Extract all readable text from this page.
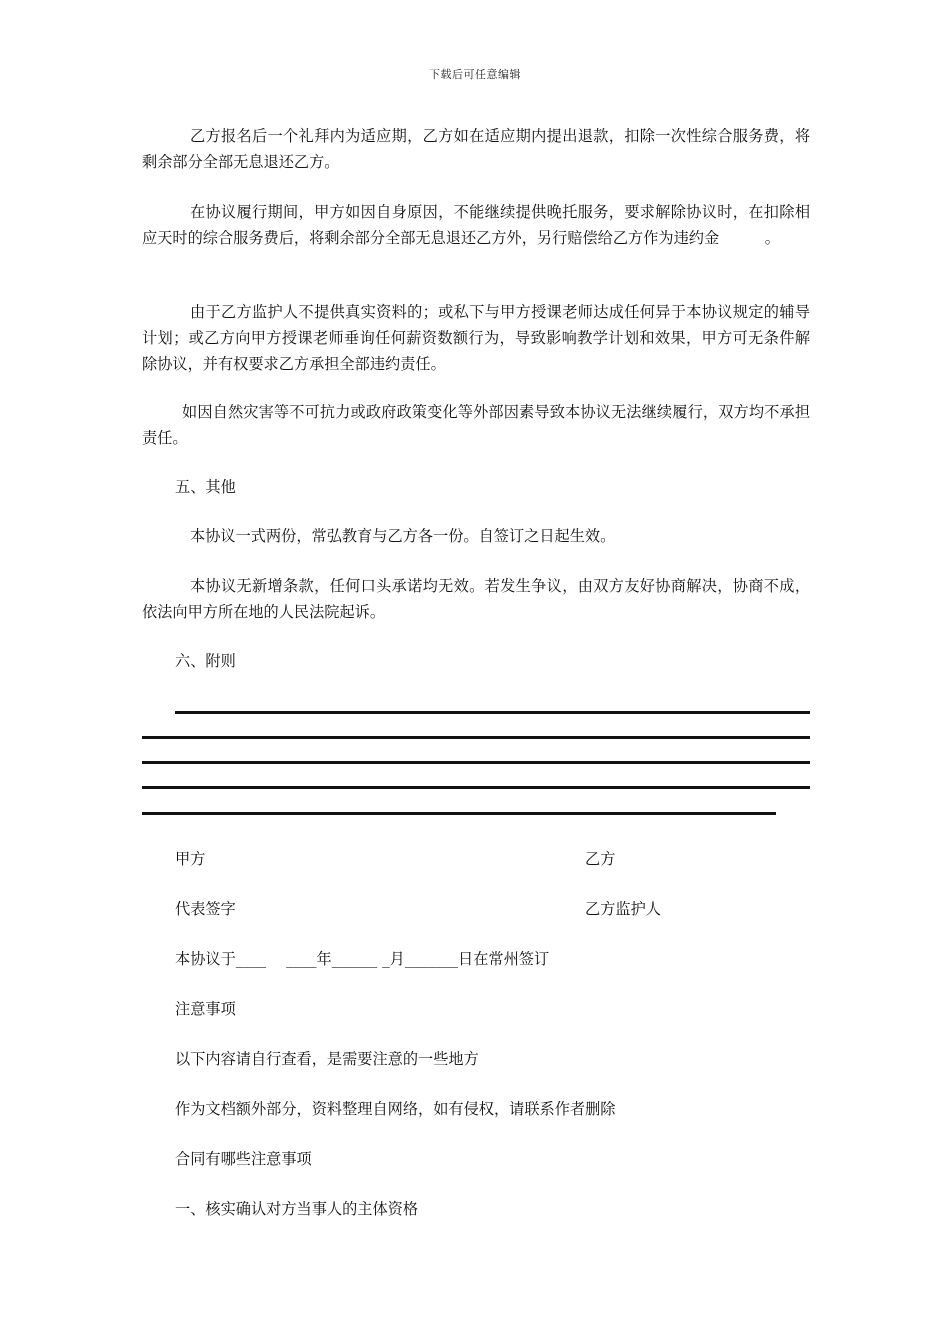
下载后可任意编辑
乙方报名后一个礼拜内为适应期，乙方如在适应期内提出退款，扣除一次性综合服务费，将剩余部分全部无息退还乙方。
在协议履行期间，甲方如因自身原因，不能继续提供晚托服务，要求解除协议时，在扣除相应天时的综合服务费后，将剩余部分全部无息退还乙方外，另行赔偿给乙方作为违约金　　　。
由于乙方监护人不提供真实资料的；或私下与甲方授课老师达成任何异于本协议规定的辅导计划；或乙方向甲方授课老师垂询任何薪资数额行为，导致影响教学计划和效果，甲方可无条件解除协议，并有权要求乙方承担全部违约责任。
如因自然灾害等不可抗力或政府政策变化等外部因素导致本协议无法继续履行，双方均不承担责任。
五、其他
本协议一式两份，常弘教育与乙方各一份。自签订之日起生效。
本协议无新增条款，任何口头承诺均无效。若发生争议，由双方友好协商解决，协商不成，依法向甲方所在地的人民法院起诉。
六、附则
甲方	乙方
代表签字	乙方监护人
本协议于____　 ____年______ _月_______日在常州签订
注意事项
以下内容请自行查看，是需要注意的一些地方
作为文档额外部分，资料整理自网络，如有侵权，请联系作者删除
合同有哪些注意事项
一、核实确认对方当事人的主体资格
